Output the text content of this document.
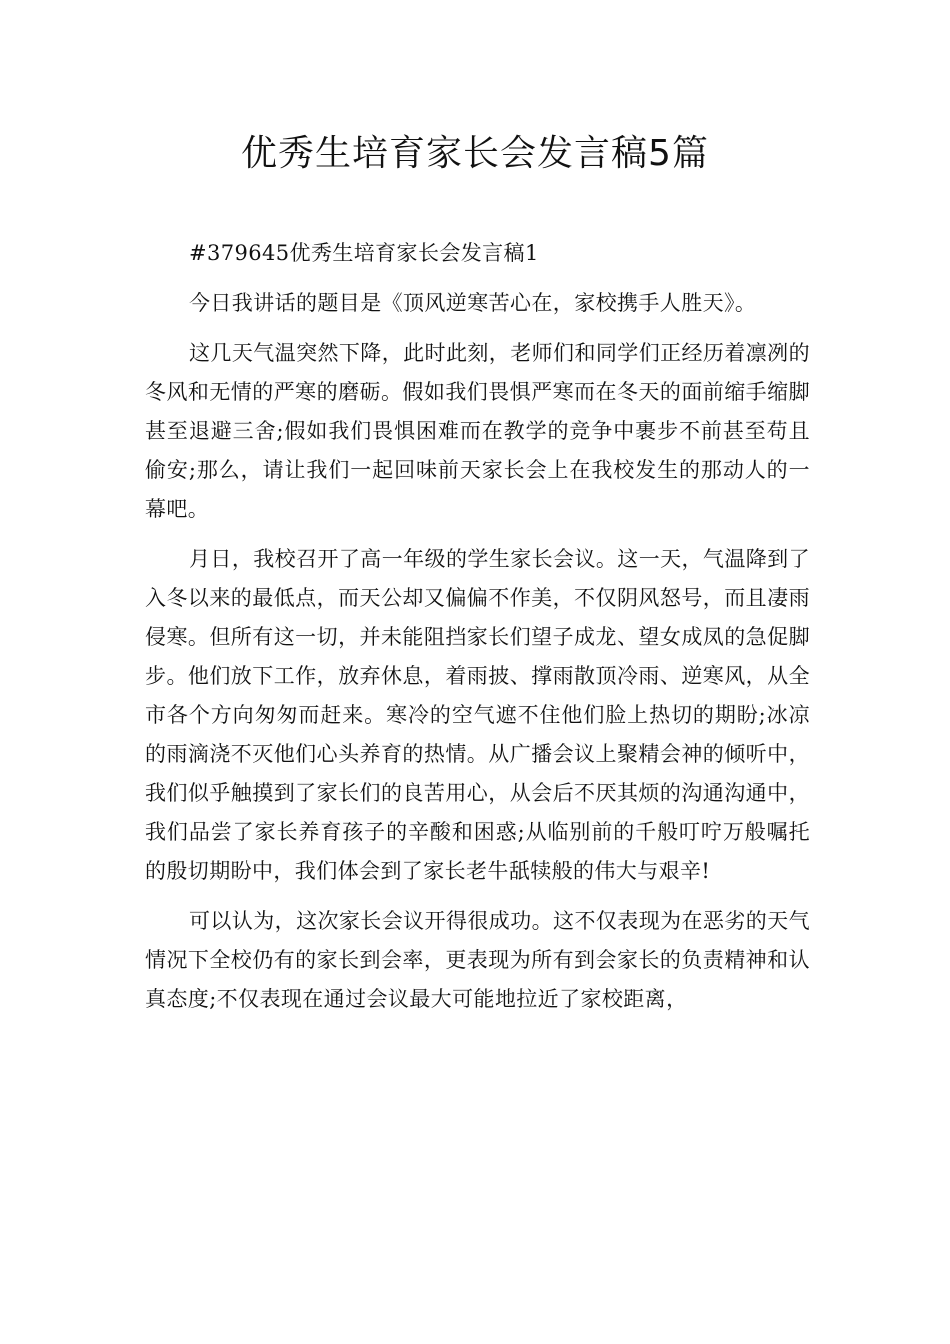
优秀生培育家长会发言稿5篇

#379645优秀生培育家长会发言稿1

今日我讲话的题目是《顶风逆寒苦心在，家校携手人胜天》。

这几天气温突然下降，此时此刻，老师们和同学们正经历着凛冽的冬风和无情的严寒的磨砺。假如我们畏惧严寒而在冬天的面前缩手缩脚甚至退避三舍;假如我们畏惧困难而在教学的竞争中裹步不前甚至苟且偷安;那么，请让我们一起回味前天家长会上在我校发生的那动人的一幕吧。

月日，我校召开了高一年级的学生家长会议。这一天，气温降到了入冬以来的最低点，而天公却又偏偏不作美，不仅阴风怒号，而且凄雨侵寒。但所有这一切，并未能阻挡家长们望子成龙、望女成凤的急促脚步。他们放下工作，放弃休息，着雨披、撑雨散顶冷雨、逆寒风，从全市各个方向匆匆而赶来。寒冷的空气遮不住他们脸上热切的期盼;冰凉的雨滴浇不灭他们心头养育的热情。从广播会议上聚精会神的倾听中，我们似乎触摸到了家长们的良苦用心，从会后不厌其烦的沟通沟通中，我们品尝了家长养育孩子的辛酸和困惑;从临别前的千般叮咛万般嘱托的殷切期盼中，我们体会到了家长老牛舐犊般的伟大与艰辛!

可以认为，这次家长会议开得很成功。这不仅表现为在恶劣的天气情况下全校仍有的家长到会率，更表现为所有到会家长的负责精神和认真态度;不仅表现在通过会议最大可能地拉近了家校距离，
